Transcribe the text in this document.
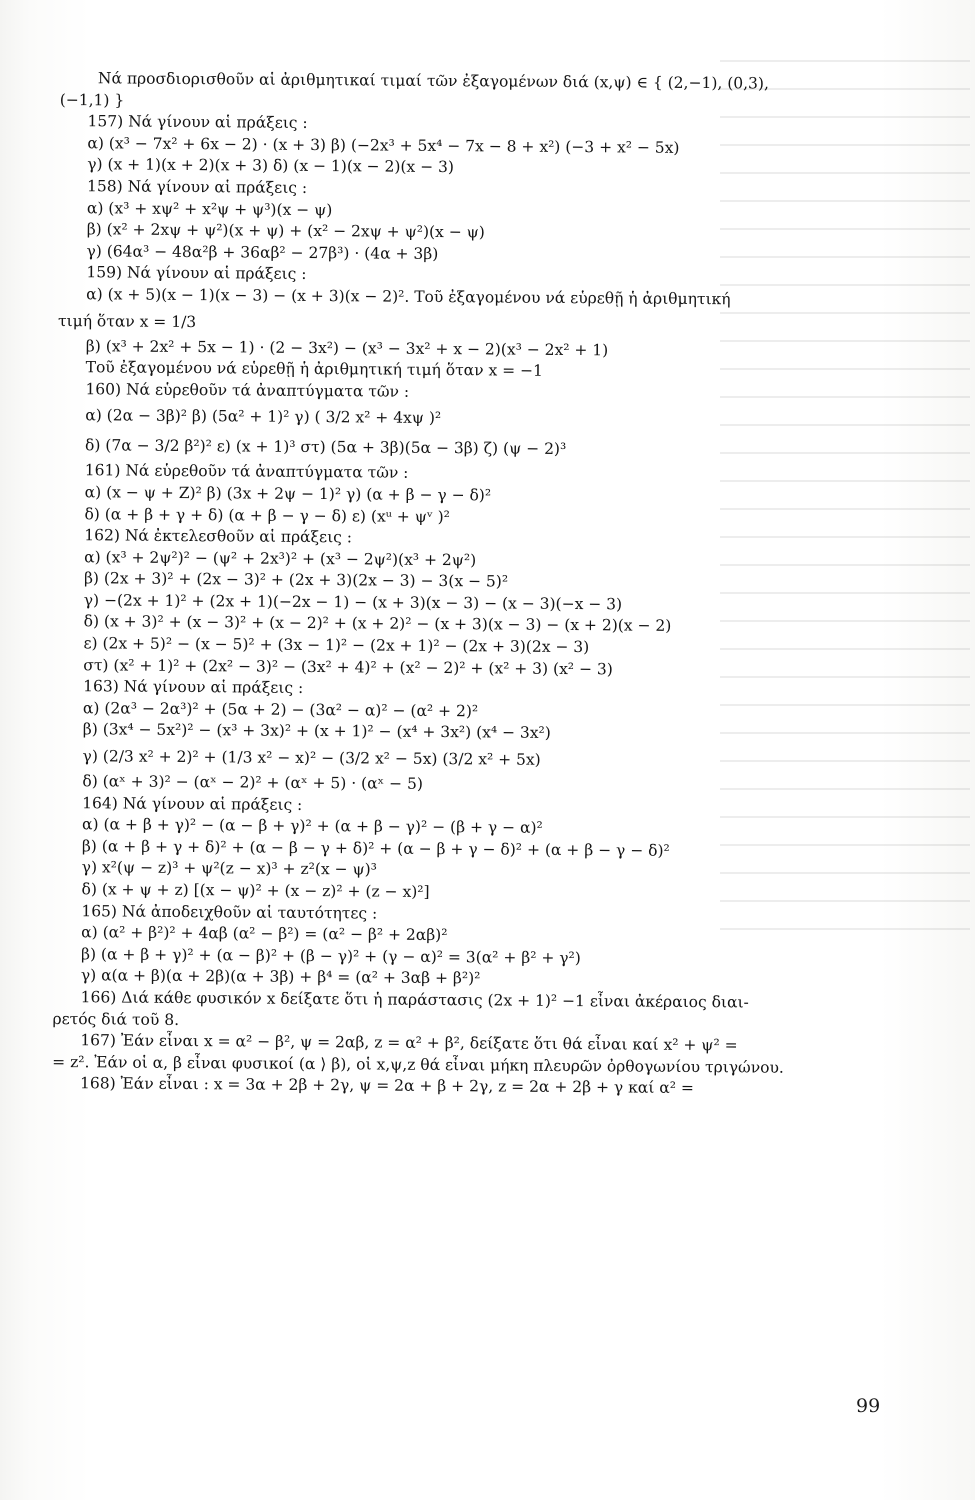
Νά προσδιορισθοῦν αἱ ἀριθμητικαί τιμαί τῶν ἐξαγομένων διά (x,ψ) ∈ { (2,−1), (0,3),
(−1,1) }
157) Νά γίνουν αἱ πράξεις :
α) (x³ − 7x² + 6x − 2) · (x + 3) β) (−2x³ + 5x⁴ − 7x − 8 + x²) (−3 + x² − 5x)
γ) (x + 1)(x + 2)(x + 3) δ) (x − 1)(x − 2)(x − 3)
158) Νά γίνουν αἱ πράξεις :
α) (x³ + xψ² + x²ψ + ψ³)(x − ψ)
β) (x² + 2xψ + ψ²)(x + ψ) + (x² − 2xψ + ψ²)(x − ψ)
γ) (64α³ − 48α²β + 36αβ² − 27β³) · (4α + 3β)
159) Νά γίνουν αἱ πράξεις :
α) (x + 5)(x − 1)(x − 3) − (x + 3)(x − 2)². Τοῦ ἐξαγομένου νά εὑρεθῇ ἡ ἀριθμητική
τιμή ὅταν x = 1/3
β) (x³ + 2x² + 5x − 1) · (2 − 3x²) − (x³ − 3x² + x − 2)(x³ − 2x² + 1)
Τοῦ ἐξαγομένου νά εὑρεθῇ ἡ ἀριθμητική τιμή ὅταν x = −1
160) Νά εὑρεθοῦν τά ἀναπτύγματα τῶν :
α) (2α − 3β)² β) (5α² + 1)² γ) ( 3/2 x² + 4xψ )²
δ) (7α − 3/2 β²)² ε) (x + 1)³ στ) (5α + 3β)(5α − 3β) ζ) (ψ − 2)³
161) Νά εὑρεθοῦν τά ἀναπτύγματα τῶν :
α) (x − ψ + Z)² β) (3x + 2ψ − 1)² γ) (α + β − γ − δ)²
δ) (α + β + γ + δ) (α + β − γ − δ) ε) (xᵘ + ψᵛ )²
162) Νά ἐκτελεσθοῦν αἱ πράξεις :
α) (x³ + 2ψ²)² − (ψ² + 2x³)² + (x³ − 2ψ²)(x³ + 2ψ²)
β) (2x + 3)² + (2x − 3)² + (2x + 3)(2x − 3) − 3(x − 5)²
γ) −(2x + 1)² + (2x + 1)(−2x − 1) − (x + 3)(x − 3) − (x − 3)(−x − 3)
δ) (x + 3)² + (x − 3)² + (x − 2)² + (x + 2)² − (x + 3)(x − 3) − (x + 2)(x − 2)
ε) (2x + 5)² − (x − 5)² + (3x − 1)² − (2x + 1)² − (2x + 3)(2x − 3)
στ) (x² + 1)² + (2x² − 3)² − (3x² + 4)² + (x² − 2)² + (x² + 3) (x² − 3)
163) Νά γίνουν αἱ πράξεις :
α) (2α³ − 2α³)² + (5α + 2) − (3α² − α)² − (α² + 2)²
β) (3x⁴ − 5x²)² − (x³ + 3x)² + (x + 1)² − (x⁴ + 3x²) (x⁴ − 3x²)
γ) (2/3 x² + 2)² + (1/3 x² − x)² − (3/2 x² − 5x) (3/2 x² + 5x)
δ) (αˣ + 3)² − (αˣ − 2)² + (αˣ + 5) · (αˣ − 5)
164) Νά γίνουν αἱ πράξεις :
α) (α + β + γ)² − (α − β + γ)² + (α + β − γ)² − (β + γ − α)²
β) (α + β + γ + δ)² + (α − β − γ + δ)² + (α − β + γ − δ)² + (α + β − γ − δ)²
γ) x²(ψ − z)³ + ψ²(z − x)³ + z²(x − ψ)³
δ) (x + ψ + z) [(x − ψ)² + (x − z)² + (z − x)²]
165) Νά ἀποδειχθοῦν αἱ ταυτότητες :
α) (α² + β²)² + 4αβ (α² − β²) = (α² − β² + 2αβ)²
β) (α + β + γ)² + (α − β)² + (β − γ)² + (γ − α)² = 3(α² + β² + γ²)
γ) α(α + β)(α + 2β)(α + 3β) + β⁴ = (α² + 3αβ + β²)²
166) Διά κάθε φυσικόν x δείξατε ὅτι ἡ παράστασις (2x + 1)² −1 εἶναι ἀκέραιος διαι-
ρετός διά τοῦ 8.
167) Ἐάν εἶναι x = α² − β², ψ = 2αβ, z = α² + β², δείξατε ὅτι θά εἶναι καί x² + ψ² =
= z². Ἐάν οἱ α, β εἶναι φυσικοί (α ⟩ β), οἱ x,ψ,z θά εἶναι μήκη πλευρῶν ὀρθογωνίου τριγώνου.
168) Ἐάν εἶναι : x = 3α + 2β + 2γ, ψ = 2α + β + 2γ, z = 2α + 2β + γ καί α² =
99
